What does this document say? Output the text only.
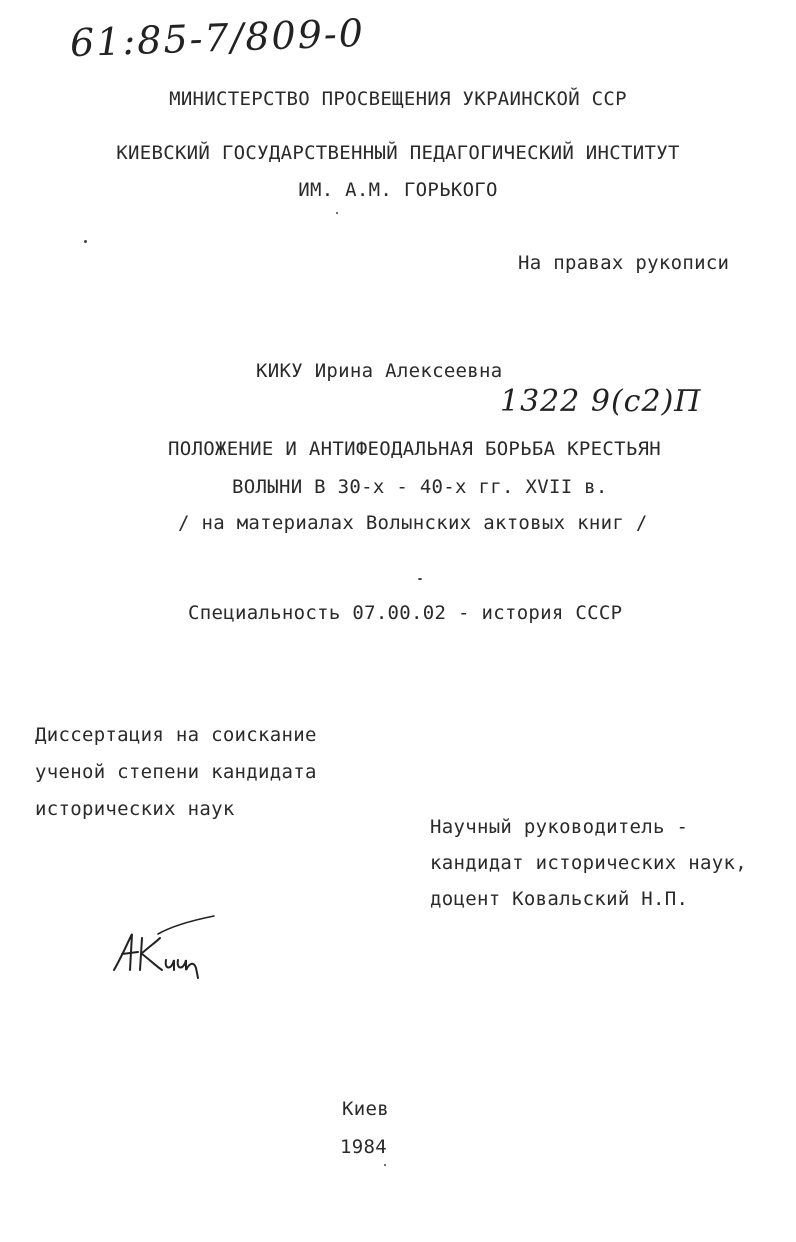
61:85-7/809-0
МИНИСТЕРСТВО ПРОСВЕЩЕНИЯ УКРАИНСКОЙ ССР
КИЕВСКИЙ ГОСУДАРСТВЕННЫЙ ПЕДАГОГИЧЕСКИЙ ИНСТИТУТ
ИМ. А.М. ГОРЬКОГО
На правах рукописи
КИКУ Ирина Алексеевна
1322 9(с2)П
ПОЛОЖЕНИЕ И АНТИФЕОДАЛЬНАЯ БОРЬБА КРЕСТЬЯН
ВОЛЫНИ В 30-х - 40-х гг. XVII в.
/ на материалах Волынских актовых книг /
Специальность 07.00.02 - история СССР
Диссертация на соискание
ученой степени кандидата
исторических наук
Научный руководитель -
кандидат исторических наук,
доцент Ковальский Н.П.
Киев
1984
